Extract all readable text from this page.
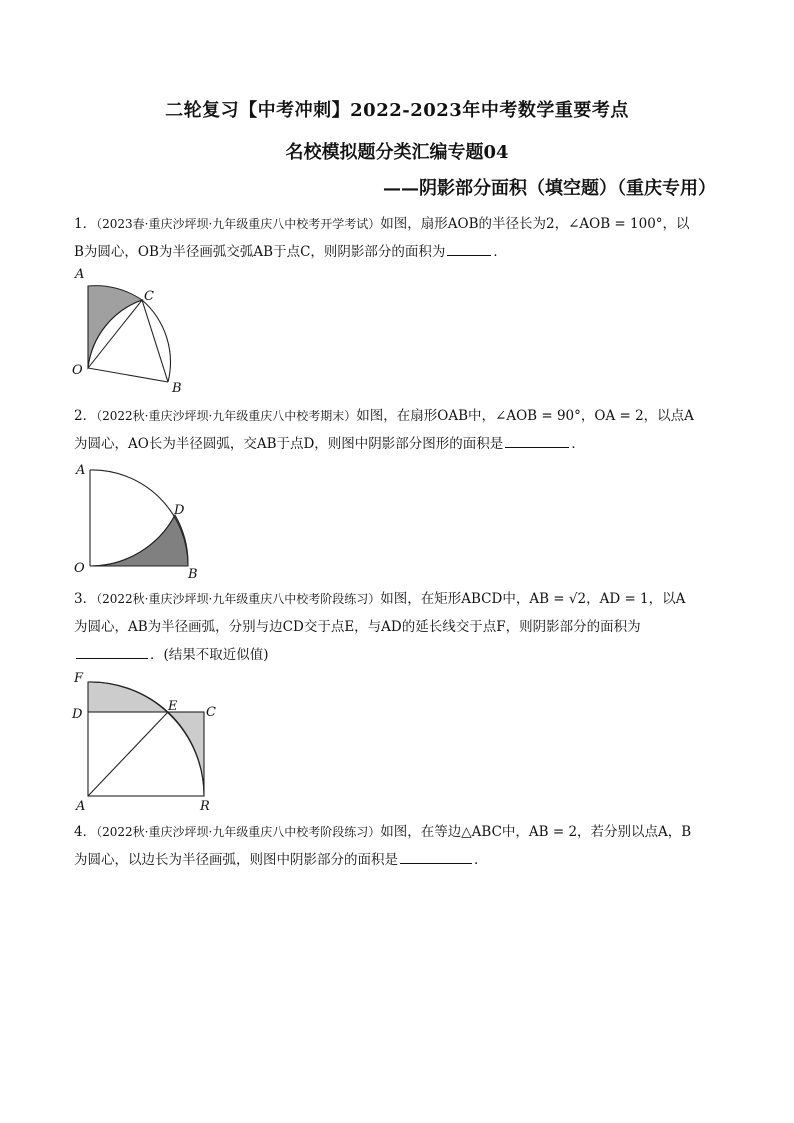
二轮复习【中考冲刺】2022-2023年中考数学重要考点
名校模拟题分类汇编专题04
——阴影部分面积（填空题）（重庆专用）
1．（2023春·重庆沙坪坝·九年级重庆八中校考开学考试）如图，扇形AOB的半径长为2，∠AOB = 100°，以
B为圆心，OB为半径画弧交弧AB于点C，则阴影部分的面积为	．
A
C
O
B
2．（2022秋·重庆沙坪坝·九年级重庆八中校考期末）如图，在扇形OAB中，∠AOB = 90°，OA = 2，以点A
为圆心，AO长为半径圆弧，交AB于点D，则图中阴影部分图形的面积是	．
A
D
O	B
3．（2022秋·重庆沙坪坝·九年级重庆八中校考阶段练习）如图，在矩形ABCD中，AB = √2，AD = 1，以A
为圆心，AB为半径画弧，分别与边CD交于点E，与AD的延长线交于点F，则阴影部分的面积为
．(结果不取近似值)
F
D
E C
A	R
4．（2022秋·重庆沙坪坝·九年级重庆八中校考阶段练习）如图，在等边△ABC中，AB = 2，若分别以点A，B
为圆心，以边长为半径画弧，则图中阴影部分的面积是	．
